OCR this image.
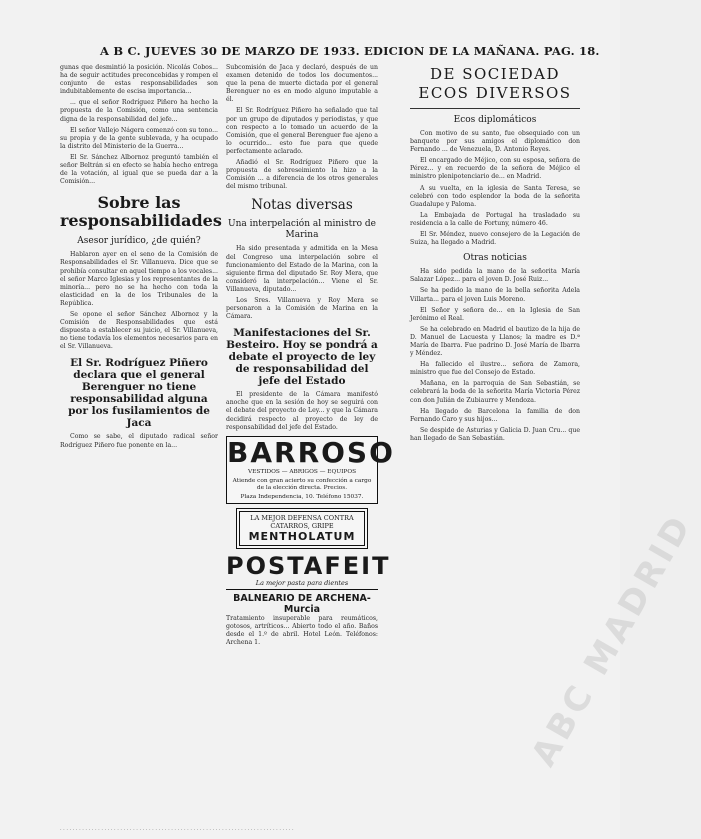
A B C. JUEVES 30 DE MARZO DE 1933. EDICION DE LA MAÑANA. PAG. 18.

gunas que desmintió la posición. Nicolás Cobos... ha de seguir actitudes preconcebidas y rompen el conjunto de estas responsabilidades son indubitablemente de escisa importancia...

... que el señor Rodríguez Piñero ha hecho la propuesta de la Comisión, como una sentencia digna de la responsabilidad del jefe...

El señor Vallejo Nágera comenzó con su tono... su propia y de la gente sublevada, y ha ocupado la distrito del Ministerio de la Guerra...

El Sr. Sánchez Albornoz preguntó también el señor Beltrán si en efecto se había hecho entrega de la votación, al igual que se pueda dar a la Comisión...

Sobre las responsabilidades
Asesor jurídico, ¿de quién?

Hablaron ayer en el seno de la Comisión de Responsabilidades el Sr. Villanueva. Dice que se prohibía consultar en aquel tiempo a los vocales... el señor Marco Iglesias y los representantes de la minoría... pero no se ha hecho con toda la elasticidad en la de los Tribunales de la República.

Se opone el señor Sánchez Albornoz y la Comisión de Responsabilidades que está dispuesta a establecer su juicio, el Sr. Villanueva, no tiene todavía los elementos necesarios para en el Sr. Villanueva.

El Sr. Rodríguez Piñero declara que el general Berenguer no tiene responsabilidad alguna por los fusilamientos de Jaca

Como se sabe, el diputado radical señor Rodríguez Piñero fue ponente en la...

Subcomisión de Jaca y declaró, después de un examen detenido de todos los documentos... que la pena de muerte dictada por el general Berenguer no es en modo alguno imputable a él.

El Sr. Rodríguez Piñero ha señalado que tal por un grupo de diputados y periodistas, y que con respecto a lo tomado un acuerdo de la Comisión, que el general Berenguer fue ajeno a lo ocurrido... esto fue para que quede perfectamente aclarado.

Añadió el Sr. Rodríguez Piñero que la propuesta de sobreseimiento la hizo a la Comisión ... a diferencia de los otros generales del mismo tribunal.

Notas diversas
Una interpelación al ministro de Marina

Ha sido presentada y admitida en la Mesa del Congreso una interpelación sobre el funcionamiento del Estado de la Marina, con la siguiente firma del diputado Sr. Roy Mera, que consideró la interpelación... Viene el Sr. Villanueva, diputado...

Los Sres. Villanueva y Roy Mera se personaron a la Comisión de Marina en la Cámara.

Manifestaciones del Sr. Besteiro. Hoy se pondrá a debate el proyecto de ley de responsabilidad del jefe del Estado

El presidente de la Cámara manifestó anoche que en la sesión de hoy se seguirá con el debate del proyecto de Ley... y que la Cámara decidirá respecto al proyecto de ley de responsabilidad del jefe del Estado.

BARROSO
VESTIDOS — ABRIGOS — EQUIPOS
Atiende con gran acierto su confección a cargo de la elección directa. Precios.
Plaza Independencia, 10. Teléfono 15037.
LA MEJOR DEFENSA CONTRA CATARROS, GRIPE
MENTHOLATUM
POSTAFEIT
La mejor pasta para dientes
BALNEARIO DE ARCHENA-Murcia

Tratamiento insuperable para reumáticos, gotosos, artríticos... Abierto todo el año. Baños desde el 1.º de abril. Hotel León. Teléfonos: Archena 1.

DE SOCIEDAD
ECOS DIVERSOS
Ecos diplomáticos

Con motivo de su santo, fue obsequiado con un banquete por sus amigos el diplomático don Fernando ... de Venezuela, D. Antonio Reyes.

El encargado de Méjico, con su esposa, señora de Pérez... y en recuerdo de la señora de Méjico el ministro plenipotenciario de... en Madrid.

A su vuelta, en la iglesia de Santa Teresa, se celebró con todo esplendor la boda de la señorita Guadalupe y Paloma.

La Embajada de Portugal ha trasladado su residencia a la calle de Fortuny, número 46.

El Sr. Méndez, nuevo consejero de la Legación de Suiza, ha llegado a Madrid.

Otras noticias

Ha sido pedida la mano de la señorita María Salazar López... para el joven D. José Ruiz...

Se ha pedido la mano de la bella señorita Adela Villarta... para el joven Luis Moreno.

El Señor y señora de... en la Iglesia de San Jerónimo el Real.

Se ha celebrado en Madrid el bautizo de la hija de D. Manuel de Lacuesta y Llanos; la madre es D.ª María de Ibarra. Fue padrino D. José María de Ibarra y Méndez.

Ha fallecido el ilustre... señora de Zamora, ministro que fue del Consejo de Estado.

Mañana, en la parroquia de San Sebastián, se celebrará la boda de la señorita María Victoria Pérez con don Julián de Zubiaurre y Mendoza.

Ha llegado de Barcelona la familia de don Fernando Caro y sus hijos...

Se despide de Asturias y Galicia D. Juan Cru... que han llegado de San Sebastián.

ABC MADRID
. . . . . . . . . . . . . . . . . . . . . . . . . . . . . . . . . . . . . . . . . . . . . . . . . . . . . . . . . . . . . . . . . . . . . . . . . .
